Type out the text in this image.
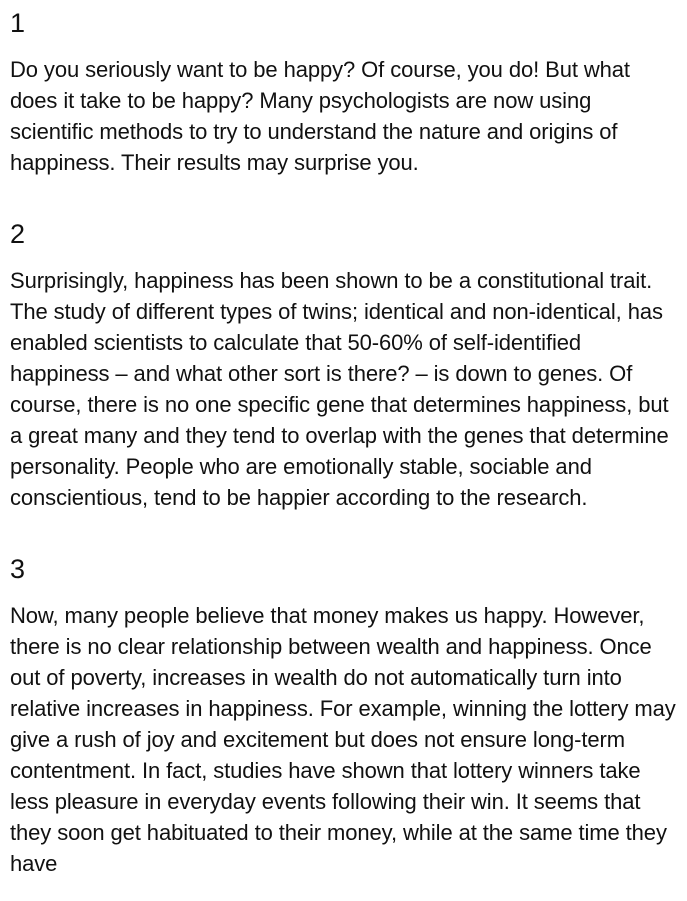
1

Do you seriously want to be happy? Of course, you do! But what does it take to be happy? Many psychologists are now using scientific methods to try to understand the nature and origins of happiness. Their results may surprise you.

2

Surprisingly, happiness has been shown to be a constitutional trait. The study of different types of twins; identical and non-identical, has enabled scientists to calculate that 50-60% of self-identified happiness – and what other sort is there? – is down to genes. Of course, there is no one specific gene that determines happiness, but a great many and they tend to overlap with the genes that determine personality. People who are emotionally stable, sociable and conscientious, tend to be happier according to the research.

3

Now, many people believe that money makes us happy. However, there is no clear relationship between wealth and happiness. Once out of poverty, increases in wealth do not automatically turn into relative increases in happiness. For example, winning the lottery may give a rush of joy and excitement but does not ensure long-term contentment. In fact, studies have shown that lottery winners take less pleasure in everyday events following their win. It seems that they soon get habituated to their money, while at the same time they have
